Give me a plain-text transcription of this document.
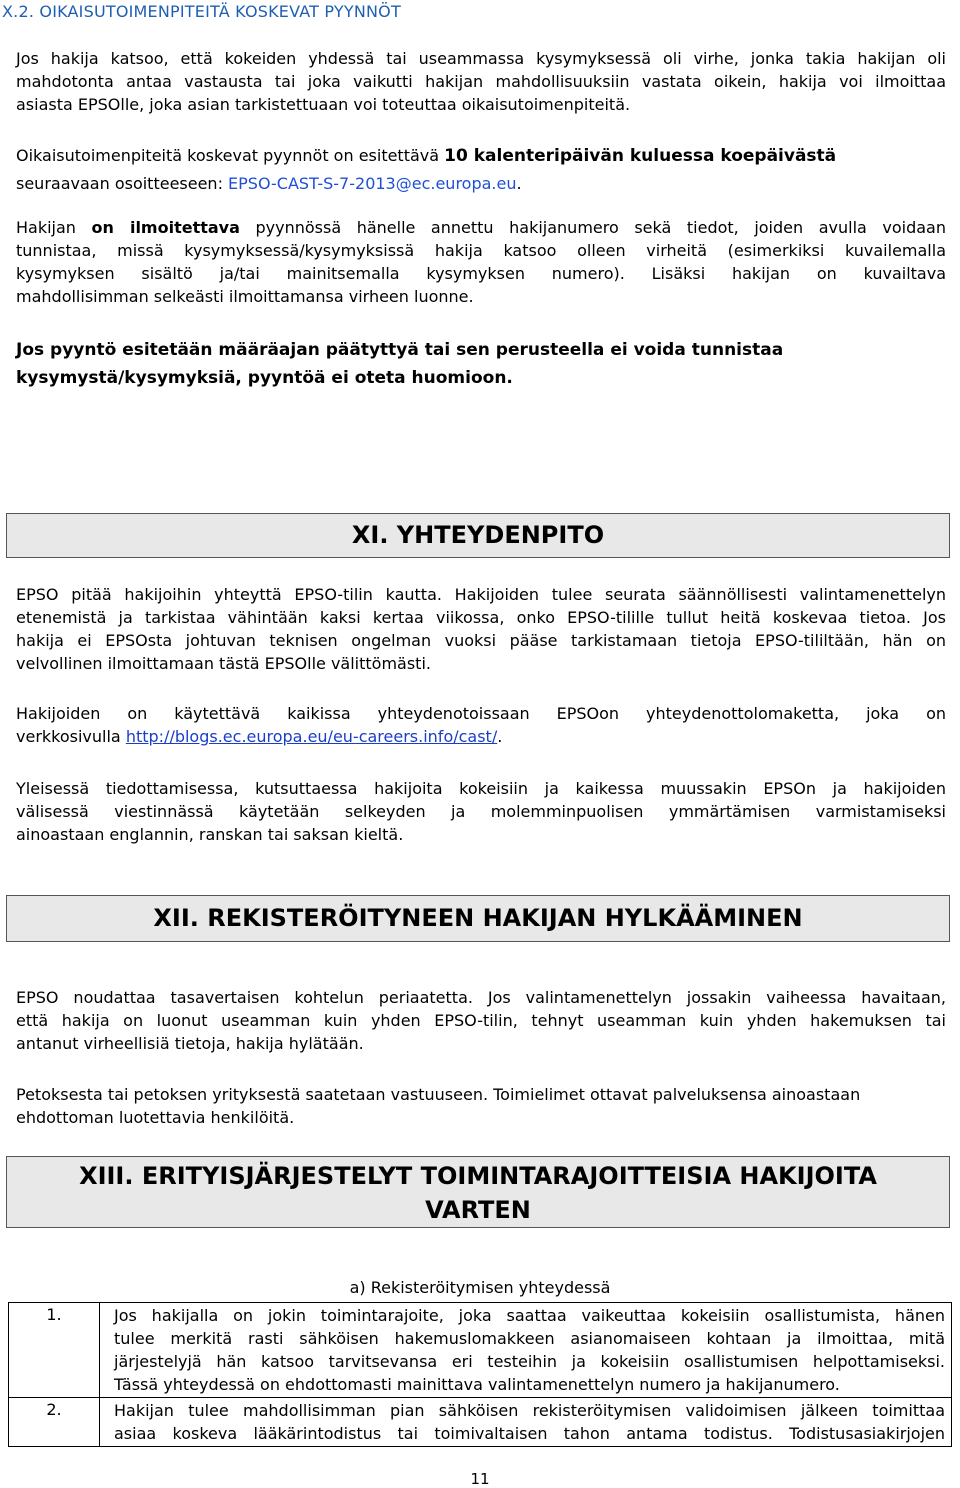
X.2. OIKAISUTOIMENPITEITÄ KOSKEVAT PYYNNÖT
Jos hakija katsoo, että kokeiden yhdessä tai useammassa kysymyksessä oli virhe, jonka takia hakijan oli
mahdotonta antaa vastausta tai joka vaikutti hakijan mahdollisuuksiin vastata oikein, hakija voi ilmoittaa
asiasta EPSOlle, joka asian tarkistettuaan voi toteuttaa oikaisutoimenpiteitä.
Oikaisutoimenpiteitä koskevat pyynnöt on esitettävä 10 kalenteripäivän kuluessa koepäivästä
seuraavaan osoitteeseen: EPSO-CAST-S-7-2013@ec.europa.eu.
Hakijan on ilmoitettava pyynnössä hänelle annettu hakijanumero sekä tiedot, joiden avulla voidaan
tunnistaa, missä kysymyksessä/kysymyksissä hakija katsoo olleen virheitä (esimerkiksi kuvailemalla
kysymyksen sisältö ja/tai mainitsemalla kysymyksen numero). Lisäksi hakijan on kuvailtava
mahdollisimman selkeästi ilmoittamansa virheen luonne.
Jos pyyntö esitetään määräajan päätyttyä tai sen perusteella ei voida tunnistaa
kysymystä/kysymyksiä, pyyntöä ei oteta huomioon.
XI. YHTEYDENPITO
EPSO pitää hakijoihin yhteyttä EPSO-tilin kautta. Hakijoiden tulee seurata säännöllisesti valintamenettelyn
etenemistä ja tarkistaa vähintään kaksi kertaa viikossa, onko EPSO-tilille tullut heitä koskevaa tietoa. Jos
hakija ei EPSOsta johtuvan teknisen ongelman vuoksi pääse tarkistamaan tietoja EPSO-tililtään, hän on
velvollinen ilmoittamaan tästä EPSOlle välittömästi.
Hakijoiden on käytettävä kaikissa yhteydenotoissaan EPSOon yhteydenottolomaketta, joka on
verkkosivulla http://blogs.ec.europa.eu/eu-careers.info/cast/.
Yleisessä tiedottamisessa, kutsuttaessa hakijoita kokeisiin ja kaikessa muussakin EPSOn ja hakijoiden
välisessä viestinnässä käytetään selkeyden ja molemminpuolisen ymmärtämisen varmistamiseksi
ainoastaan englannin, ranskan tai saksan kieltä.
XII. REKISTERÖITYNEEN HAKIJAN HYLKÄÄMINEN
EPSO noudattaa tasavertaisen kohtelun periaatetta. Jos valintamenettelyn jossakin vaiheessa havaitaan,
että hakija on luonut useamman kuin yhden EPSO-tilin, tehnyt useamman kuin yhden hakemuksen tai
antanut virheellisiä tietoja, hakija hylätään.
Petoksesta tai petoksen yrityksestä saatetaan vastuuseen. Toimielimet ottavat palveluksensa ainoastaan
ehdottoman luotettavia henkilöitä.
XIII. ERITYISJÄRJESTELYT TOIMINTARAJOITTEISIA HAKIJOITA
VARTEN
a) Rekisteröitymisen yhteydessä
1.	Jos hakijalla on jokin toimintarajoite, joka saattaa vaikeuttaa kokeisiin osallistumista, hänen
tulee merkitä rasti sähköisen hakemuslomakkeen asianomaiseen kohtaan ja ilmoittaa, mitä
järjestelyjä hän katsoo tarvitsevansa eri testeihin ja kokeisiin osallistumisen helpottamiseksi.
Tässä yhteydessä on ehdottomasti mainittava valintamenettelyn numero ja hakijanumero.

2.	Hakijan tulee mahdollisimman pian sähköisen rekisteröitymisen validoimisen jälkeen toimittaa
asiaa koskeva lääkärintodistus tai toimivaltaisen tahon antama todistus. Todistusasiakirjojen
11
